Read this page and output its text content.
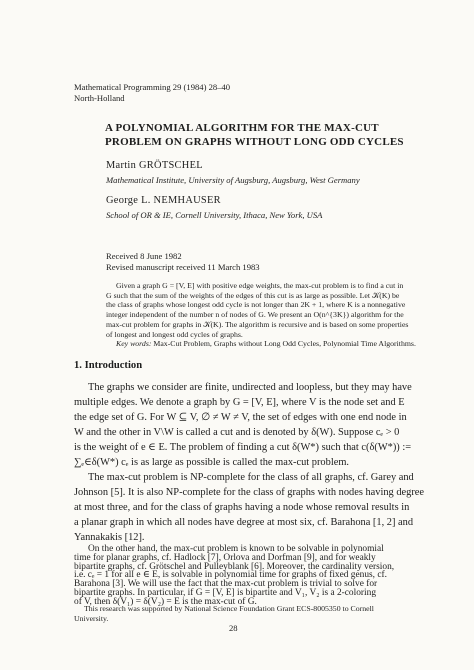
Mathematical Programming 29 (1984) 28–40
North-Holland
A POLYNOMIAL ALGORITHM FOR THE MAX-CUT
PROBLEM ON GRAPHS WITHOUT LONG ODD CYCLES
Martin GRÖTSCHEL
Mathematical Institute, University of Augsburg, Augsburg, West Germany
George L. NEMHAUSER
School of OR & IE, Cornell University, Ithaca, New York, USA
Received 8 June 1982
Revised manuscript received 11 March 1983
Given a graph G = [V, E] with positive edge weights, the max-cut problem is to find a cut in
G such that the sum of the weights of the edges of this cut is as large as possible. Let 𝒦(K) be
the class of graphs whose longest odd cycle is not longer than 2K + 1, where K is a nonnegative
integer independent of the number n of nodes of G. We present an O(n^{3K}) algorithm for the
max-cut problem for graphs in 𝒦(K). The algorithm is recursive and is based on some properties
of longest and longest odd cycles of graphs.
Key words: Max-Cut Problem, Graphs without Long Odd Cycles, Polynomial Time Algorithms.
1. Introduction
The graphs we consider are finite, undirected and loopless, but they may have
multiple edges. We denote a graph by G = [V, E], where V is the node set and E
the edge set of G. For W ⊆ V, ∅ ≠ W ≠ V, the set of edges with one end node in
W and the other in V\W is called a cut and is denoted by δ(W). Suppose cₑ > 0
is the weight of e ∈ E. The problem of finding a cut δ(W*) such that c(δ(W*)) :=
∑ₑ∈δ(W*) cₑ is as large as possible is called the max-cut problem.
The max-cut problem is NP-complete for the class of all graphs, cf. Garey and
Johnson [5]. It is also NP-complete for the class of graphs with nodes having degree
at most three, and for the class of graphs having a node whose removal results in
a planar graph in which all nodes have degree at most six, cf. Barahona [1, 2] and
Yannakakis [12].
On the other hand, the max-cut problem is known to be solvable in polynomial
time for planar graphs, cf. Hadlock [7], Orlova and Dorfman [9], and for weakly
bipartite graphs, cf. Grötschel and Pulleyblank [6]. Moreover, the cardinality version,
i.e. cₑ = 1 for all e ∈ E, is solvable in polynomial time for graphs of fixed genus, cf.
Barahona [3]. We will use the fact that the max-cut problem is trivial to solve for
bipartite graphs. In particular, if G = [V, E] is bipartite and V₁, V₂ is a 2-coloring
of V, then δ(V₁) = δ(V₂) = E is the max-cut of G.
This research was supported by National Science Foundation Grant ECS-8005350 to Cornell
University.
28
